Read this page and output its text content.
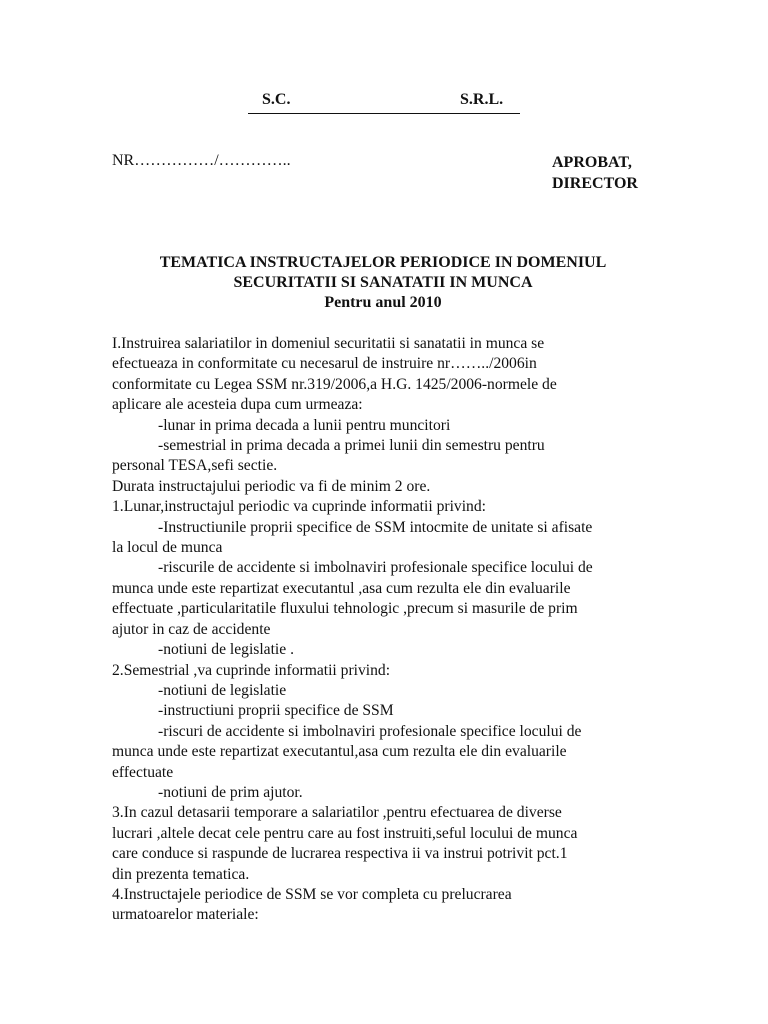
S.C.	S.R.L.
NR……………/…………..	APROBAT,
DIRECTOR
TEMATICA INSTRUCTAJELOR PERIODICE IN DOMENIUL
SECURITATII SI SANATATII IN MUNCA
Pentru anul 2010
I.Instruirea salariatilor in domeniul securitatii si sanatatii in munca se
efectueaza in conformitate cu necesarul de instruire nr……../2006in
conformitate cu Legea SSM nr.319/2006,a H.G. 1425/2006-normele de
aplicare ale acesteia dupa cum urmeaza:
-lunar in prima decada a lunii pentru muncitori
-semestrial in prima decada a primei lunii din semestru pentru
personal TESA,sefi sectie.
Durata instructajului periodic va fi de minim 2 ore.
1.Lunar,instructajul periodic va cuprinde informatii privind:
-Instructiunile proprii specifice de SSM intocmite de unitate si afisate
la locul de munca
-riscurile de accidente si imbolnaviri profesionale specifice locului de
munca unde este repartizat executantul ,asa cum rezulta ele din evaluarile
effectuate ,particularitatile fluxului tehnologic ,precum si masurile de prim
ajutor in caz de accidente
-notiuni de legislatie .
2.Semestrial ,va cuprinde informatii privind:
-notiuni de legislatie
-instructiuni proprii specifice de SSM
-riscuri de accidente si imbolnaviri profesionale specifice locului de
munca unde este repartizat executantul,asa cum rezulta ele din evaluarile
effectuate
-notiuni de prim ajutor.
3.In cazul detasarii temporare a salariatilor ,pentru efectuarea de diverse
lucrari ,altele decat cele pentru care au fost instruiti,seful locului de munca
care conduce si raspunde de lucrarea respectiva ii va instrui potrivit pct.1
din prezenta tematica.
4.Instructajele periodice de SSM se vor completa cu prelucrarea
urmatoarelor materiale:
